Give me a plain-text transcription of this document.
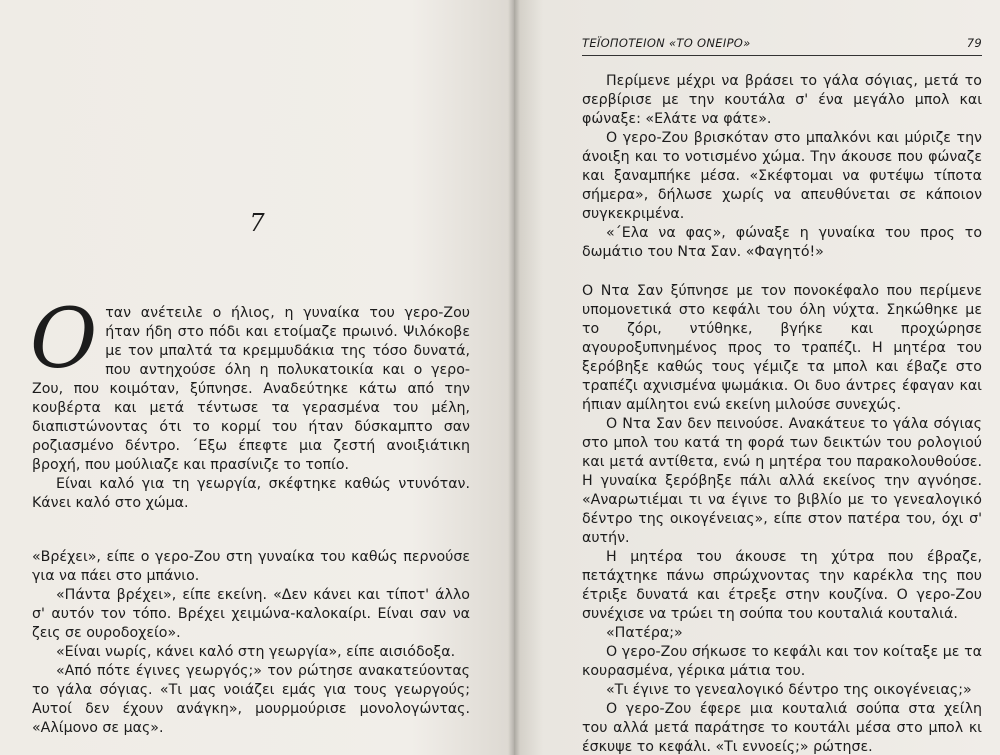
7

Οταν ανέτειλε ο ήλιος, η γυναίκα του γερο-Ζου ήταν ήδη στο πόδι και ετοίμαζε πρωινό. Ψιλόκοβε με τον μπαλτά τα κρεμμυδάκια της τόσο δυνατά, που αντηχούσε όλη η πολυκατοικία και ο γερο-Ζου, που κοιμόταν, ξύπνησε. Αναδεύτηκε κάτω από την κουβέρτα και μετά τέντωσε τα γερασμένα του μέλη, διαπιστώνοντας ότι το κορμί του ήταν δύσκαμπτο σαν ροζιασμένο δέντρο. ΄Εξω έπεφτε μια ζεστή ανοιξιάτικη βροχή, που μούλιαζε και πρασίνιζε το τοπίο.

Είναι καλό για τη γεωργία, σκέφτηκε καθώς ντυνόταν. Κάνει καλό στο χώμα.

«Βρέχει», είπε ο γερο-Ζου στη γυναίκα του καθώς περνούσε για να πάει στο μπάνιο.

«Πάντα βρέχει», είπε εκείνη. «Δεν κάνει και τίποτ' άλλο σ' αυτόν τον τόπο. Βρέχει χειμώνα-καλοκαίρι. Είναι σαν να ζεις σε ουροδοχείο».

«Είναι νωρίς, κάνει καλό στη γεωργία», είπε αισιόδοξα.

«Από πότε έγινες γεωργός;» τον ρώτησε ανακατεύοντας το γάλα σόγιας. «Τι μας νοιάζει εμάς για τους γεωργούς; Αυτοί δεν έχουν ανάγκη», μουρμούρισε μονολογώντας. «Αλίμονο σε μας».

ΤΕΪΟΠΟΤΕΙΟΝ «ΤΟ ΟΝΕΙΡΟ»	79

Περίμενε μέχρι να βράσει το γάλα σόγιας, μετά το σερβίρισε με την κουτάλα σ' ένα μεγάλο μπολ και φώναξε: «Ελάτε να φάτε».

Ο γερο-Ζου βρισκόταν στο μπαλκόνι και μύριζε την άνοιξη και το νοτισμένο χώμα. Την άκουσε που φώναζε και ξαναμπήκε μέσα. «Σκέφτομαι να φυτέψω τίποτα σήμερα», δήλωσε χωρίς να απευθύνεται σε κάποιον συγκεκριμένα.

«΄Ελα να φας», φώναξε η γυναίκα του προς το δωμάτιο του Ντα Σαν. «Φαγητό!»

Ο Ντα Σαν ξύπνησε με τον πονοκέφαλο που περίμενε υπομονετικά στο κεφάλι του όλη νύχτα. Σηκώθηκε με το ζόρι, ντύθηκε, βγήκε και προχώρησε αγουροξυπνημένος προς το τραπέζι. Η μητέρα του ξερόβηξε καθώς τους γέμιζε τα μπολ και έβαζε στο τραπέζι αχνισμένα ψωμάκια. Οι δυο άντρες έφαγαν και ήπιαν αμίλητοι ενώ εκείνη μιλούσε συνεχώς.

Ο Ντα Σαν δεν πεινούσε. Ανακάτευε το γάλα σόγιας στο μπολ του κατά τη φορά των δεικτών του ρολογιού και μετά αντίθετα, ενώ η μητέρα του παρακολουθούσε. Η γυναίκα ξερόβηξε πάλι αλλά εκείνος την αγνόησε. «Αναρωτιέμαι τι να έγινε το βιβλίο με το γενεαλογικό δέντρο της οικογένειας», είπε στον πατέρα του, όχι σ' αυτήν.

Η μητέρα του άκουσε τη χύτρα που έβραζε, πετάχτηκε πάνω σπρώχνοντας την καρέκλα της που έτριξε δυνατά και έτρεξε στην κουζίνα. Ο γερο-Ζου συνέχισε να τρώει τη σούπα του κουταλιά κουταλιά.

«Πατέρα;»

Ο γερο-Ζου σήκωσε το κεφάλι και τον κοίταξε με τα κουρασμένα, γέρικα μάτια του.

«Τι έγινε το γενεαλογικό δέντρο της οικογένειας;»

Ο γερο-Ζου έφερε μια κουταλιά σούπα στα χείλη του αλλά μετά παράτησε το κουτάλι μέσα στο μπολ κι έσκυψε το κεφάλι. «Τι εννοείς;» ρώτησε.
